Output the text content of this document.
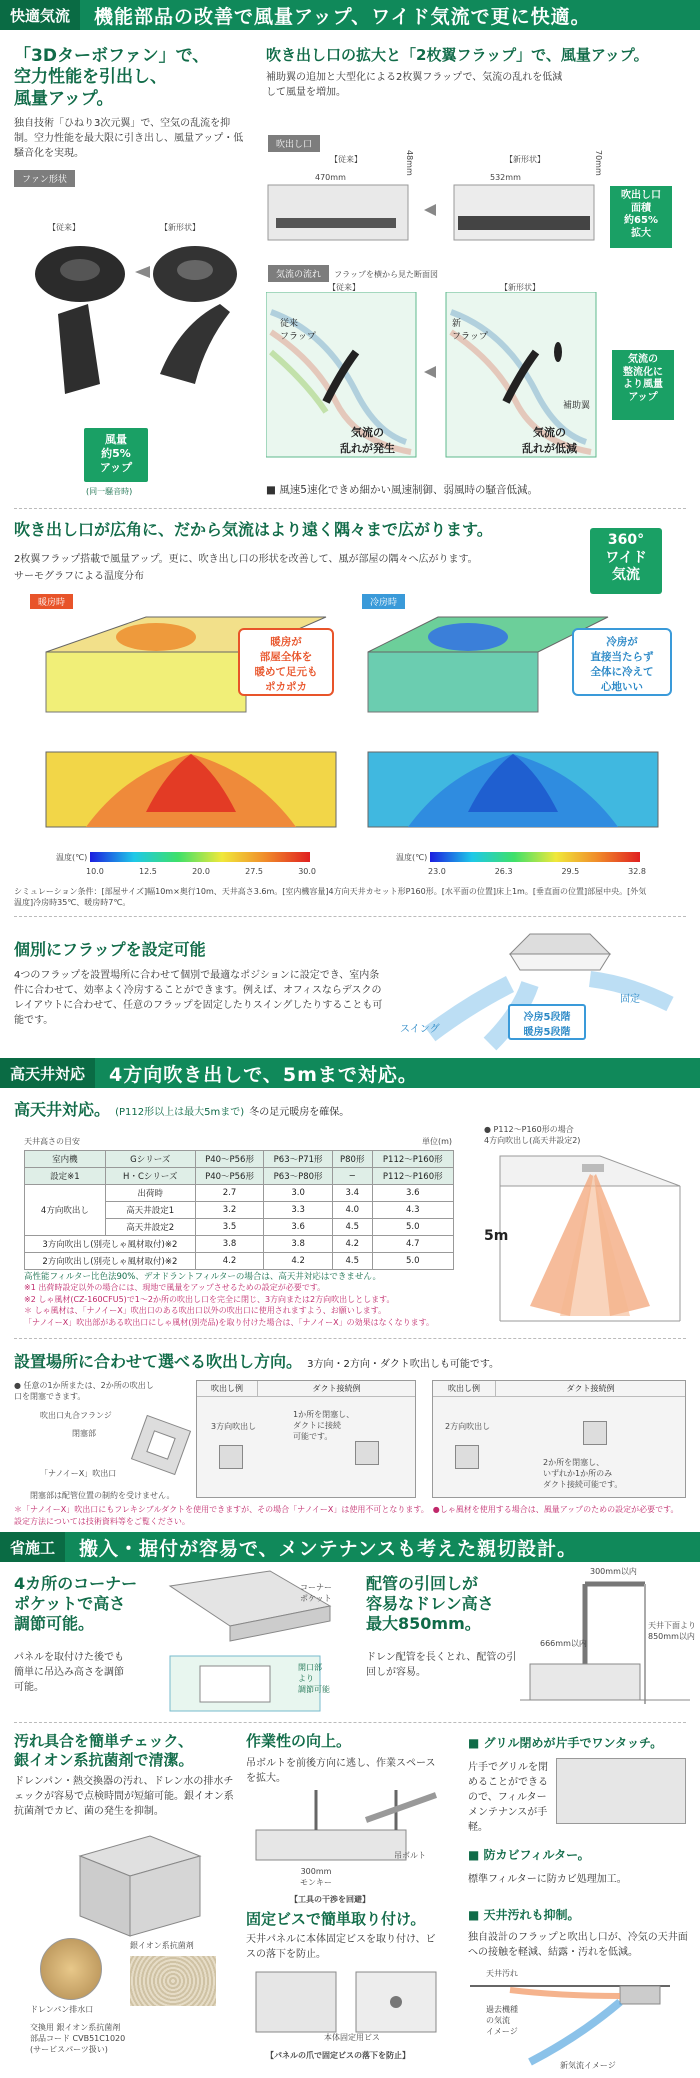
快適気流	機能部品の改善で風量アップ、ワイド気流で更に快適。
「3Dターボファン」で、
空力性能を引出し、
風量アップ。
独自技術「ひねり3次元翼」で、空気の乱流を抑制。空力性能を最大限に引き出し、風量アップ・低騒音化を実現。
ファン形状
【従来】	【新形状】
風量
約5%
アップ
(同一騒音時)
吹き出し口の拡大と「2枚翼フラップ」で、風量アップ。
補助翼の追加と大型化による2枚翼フラップで、気流の乱れを低減して風量を増加。
吹出し口
【従来】	【新形状】
470mm	532mm
48mm	70mm
吹出し口
面積
約65%
拡大
気流の流れ フラップを横から見た断面図
【従来】	【新形状】
従来
フラップ
新
フラップ
補助翼
気流の
乱れが発生
気流の
乱れが低減
気流の
整流化に
より風量
アップ
■ 風速5速化できめ細かい風速制御、弱風時の騒音低減。
吹き出し口が広角に、だから気流はより遠く隅々まで広がります。
2枚翼フラップ搭載で風量アップ。更に、吹き出し口の形状を改善して、風が部屋の隅々へ広がります。
サーモグラフによる温度分布
360°
ワイド
気流
暖房時	冷房時
暖房が
部屋全体を
暖めて足元も
ポカポカ
冷房が
直接当たらず
全体に冷えて
心地いい
温度(℃)
10.0	12.5	20.0	27.5	30.0
温度(℃)
23.0	26.3	29.5	32.8
シミュレーション条件：[部屋サイズ]幅10m×奥行10m、天井高さ3.6m。[室内機容量]4方向天井カセット形P160形。[水平面の位置]床上1m。[垂直面の位置]部屋中央。[外気温度]冷房時35℃、暖房時7℃。
個別にフラップを設定可能
4つのフラップを設置場所に合わせて個別で最適なポジションに設定でき、室内条件に合わせて、効率よく冷房することができます。例えば、オフィスならデスクのレイアウトに合わせて、任意のフラップを固定したりスイングしたりすることも可能です。
スイング
固定
冷房5段階
暖房5段階
高天井対応	4方向吹き出しで、5mまで対応。
高天井対応。 (P112形以上は最大5mまで) 冬の足元暖房を確保。
天井高さの目安	単位(m)
室内機	Gシリーズ	P40〜P56形	P63〜P71形	P80形	P112〜P160形
設定※1	H・Cシリーズ	P40〜P56形	P63〜P80形	−	P112〜P160形
4方向吹出し	出荷時	2.7	3.0	3.4	3.6
	高天井設定1	3.2	3.3	4.0	4.3
	高天井設定2	3.5	3.6	4.5	5.0
3方向吹出し(別売しゃ風材取付)※2		3.8	3.8	4.2	4.7
2方向吹出し(別売しゃ風材取付)※2		4.2	4.2	4.5	5.0
高性能フィルター比色法90%、デオドラントフィルターの場合は、高天井対応はできません。
※1 出荷時設定以外の場合には、現地で風量をアップさせるための設定が必要です。
※2 しゃ風材(CZ-160CFU5)で1〜2か所の吹出し口を完全に閉じ、3方向または2方向吹出しとします。
＊ しゃ風材は、「ナノイーX」吹出口のある吹出口以外の吹出口に使用されますよう、お願いします。
「ナノイーX」吹出部がある吹出口にしゃ風材(別売品)を取り付けた場合は、「ナノイーX」の効果はなくなります。
● P112〜P160形の場合
4方向吹出し(高天井設定2)
5m
設置場所に合わせて選べる吹出し方向。 3方向・2方向・ダクト吹出しも可能です。
● 任意の1か所または、2か所の吹出し口を閉塞できます。
吹出口丸合フランジ
閉塞部
「ナノイーX」吹出口
閉塞部は配管位置の制約を受けません。
吹出し例	ダクト接続例
3方向吹出し
1か所を閉塞し、
ダクトに接続
可能です。
吹出し例	ダクト接続例
2方向吹出し
2か所を閉塞し、
いずれか1か所のみ
ダクト接続可能です。
＊「ナノイーX」吹出口にもフレキシブルダクトを使用できますが、その場合「ナノイーX」は使用不可となります。　●しゃ風材を使用する場合は、風量アップのための設定が必要です。設定方法については技術資料等をご覧ください。
省施工	搬入・据付が容易で、メンテナンスも考えた親切設計。
4カ所のコーナー
ポケットで高さ
調節可能。
パネルを取付けた後でも簡単に吊込み高さを調節可能。
コーナー
ポケット
開口部
より
調節可能
配管の引回しが
容易なドレン高さ
最大850mm。
ドレン配管を長くとれ、配管の引回しが容易。
300mm以内
666mm以内
天井下面より
850mm以内
汚れ具合を簡単チェック、
銀イオン系抗菌剤で清潔。
ドレンパン・熱交換器の汚れ、ドレン水の排水チェックが容易で点検時間が短縮可能。銀イオン系抗菌剤でカビ、菌の発生を抑制。
ドレンパン排水口
銀イオン系抗菌剤
交換用 銀イオン系抗菌剤
部品コード CVB51C1020
(サービスパーツ扱い)
作業性の向上。
吊ボルトを前後方向に逃し、作業スペースを拡大。
吊ボルト
300mm
モンキー
【工具の干渉を回避】
固定ビスで簡単取り付け。
天井パネルに本体固定ビスを取り付け、ビスの落下を防止。
本体固定用ビス
【パネルの爪で固定ビスの落下を防止】
■ グリル閉めが片手でワンタッチ。
片手でグリルを閉めることができるので、フィルターメンテナンスが手軽。
■ 防カビフィルター。
標準フィルターに防カビ処理加工。
■ 天井汚れも抑制。
独自設計のフラップと吹出し口が、冷気の天井面への接触を軽減、結露・汚れを低減。
天井汚れ
過去機種
の気流
イメージ
新気流イメージ
